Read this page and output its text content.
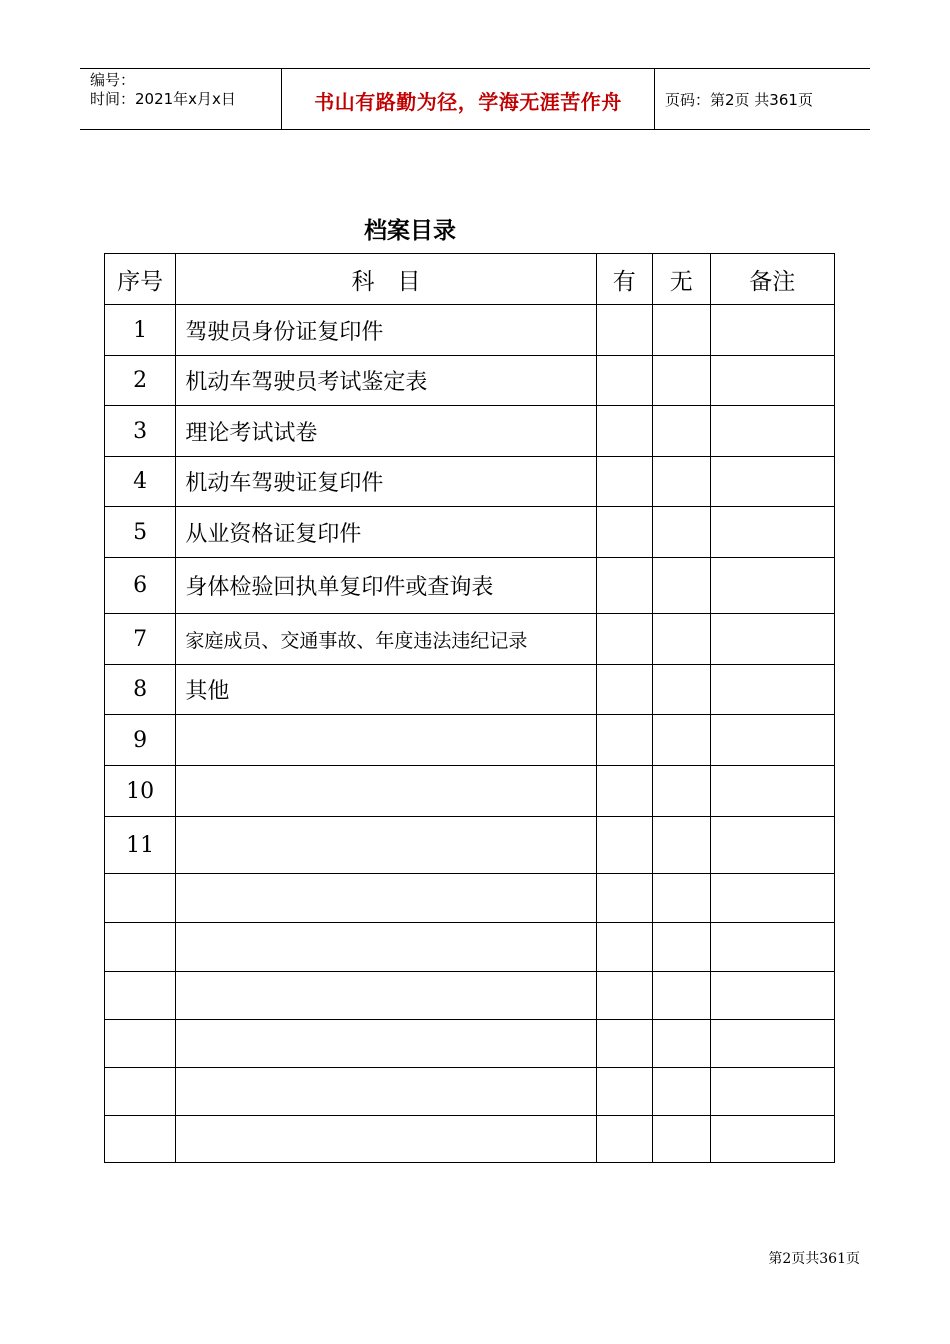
编号：
时间：2021年x月x日	书山有路勤为径，学海无涯苦作舟	页码：第2页 共361页
档案目录
序号	科　目	有	无	备注
1	驾驶员身份证复印件			
2	机动车驾驶员考试鉴定表			
3	理论考试试卷			
4	机动车驾驶证复印件			
5	从业资格证复印件			
6	身体检验回执单复印件或查询表			
7	家庭成员、交通事故、年度违法违纪记录			
8	其他			
9				
10				
11				

第2页共361页
